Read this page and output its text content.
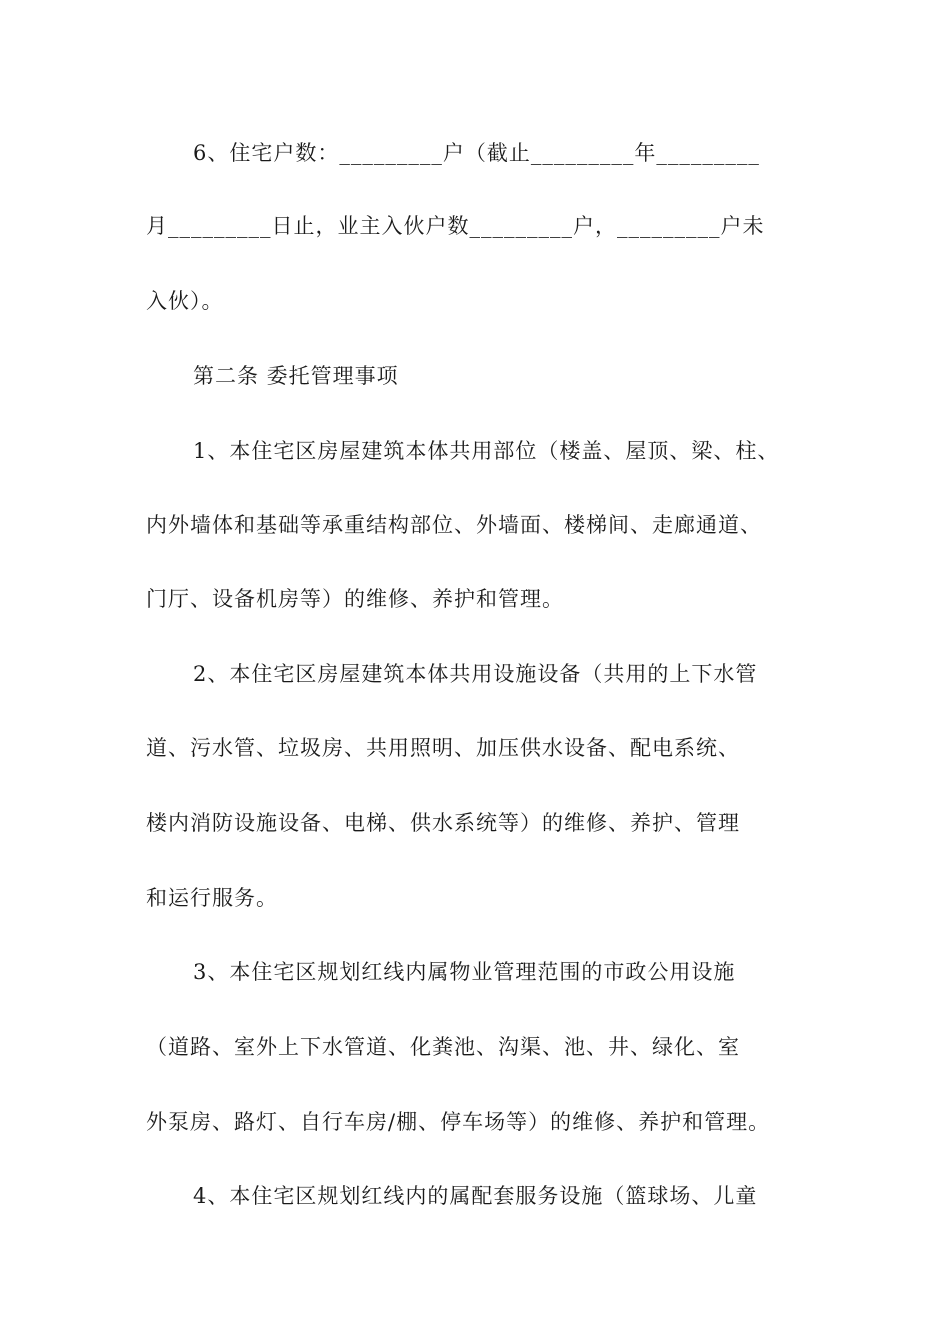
6、住宅户数：_________户（截止_________年_________

月_________日止，业主入伙户数_________户，_________户未

入伙）。

第二条 委托管理事项

1、本住宅区房屋建筑本体共用部位（楼盖、屋顶、梁、柱、

内外墙体和基础等承重结构部位、外墙面、楼梯间、走廊通道、

门厅、设备机房等）的维修、养护和管理。

2、本住宅区房屋建筑本体共用设施设备（共用的上下水管

道、污水管、垃圾房、共用照明、加压供水设备、配电系统、

楼内消防设施设备、电梯、供水系统等）的维修、养护、管理

和运行服务。

3、本住宅区规划红线内属物业管理范围的市政公用设施

（道路、室外上下水管道、化粪池、沟渠、池、井、绿化、室

外泵房、路灯、自行车房/棚、停车场等）的维修、养护和管理。

4、本住宅区规划红线内的属配套服务设施（篮球场、儿童
